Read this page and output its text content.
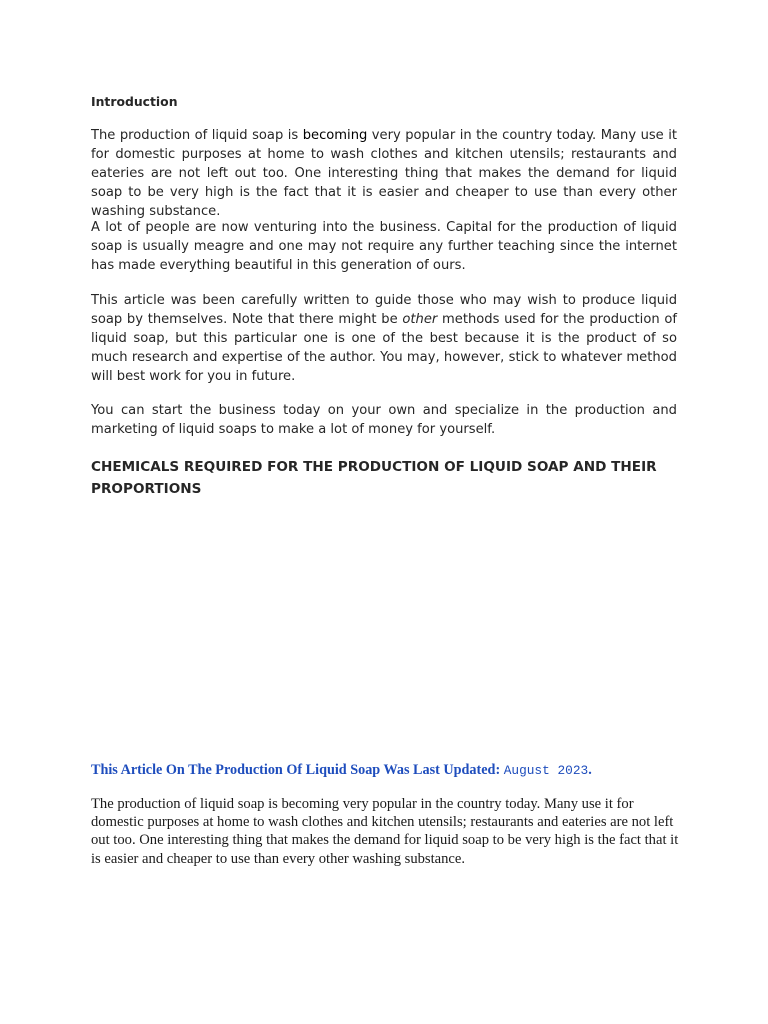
Introduction

The production of liquid soap is becoming very popular in the country today. Many use it for domestic purposes at home to wash clothes and kitchen utensils; restaurants and eateries are not left out too. One interesting thing that makes the demand for liquid soap to be very high is the fact that it is easier and cheaper to use than every other washing substance.

A lot of people are now venturing into the business. Capital for the production of liquid soap is usually meagre and one may not require any further teaching since the internet has made everything beautiful in this generation of ours.

This article was been carefully written to guide those who may wish to produce liquid soap by themselves. Note that there might be other methods used for the production of liquid soap, but this particular one is one of the best because it is the product of so much research and expertise of the author. You may, however, stick to whatever method will best work for you in future.

You can start the business today on your own and specialize in the production and marketing of liquid soaps to make a lot of money for yourself.

CHEMICALS REQUIRED FOR THE PRODUCTION OF LIQUID SOAP AND THEIR PROPORTIONS

This Article On The Production Of Liquid Soap Was Last Updated: August 2023.

The production of liquid soap is becoming very popular in the country today. Many use it for domestic purposes at home to wash clothes and kitchen utensils; restaurants and eateries are not left out too. One interesting thing that makes the demand for liquid soap to be very high is the fact that it is easier and cheaper to use than every other washing substance.
